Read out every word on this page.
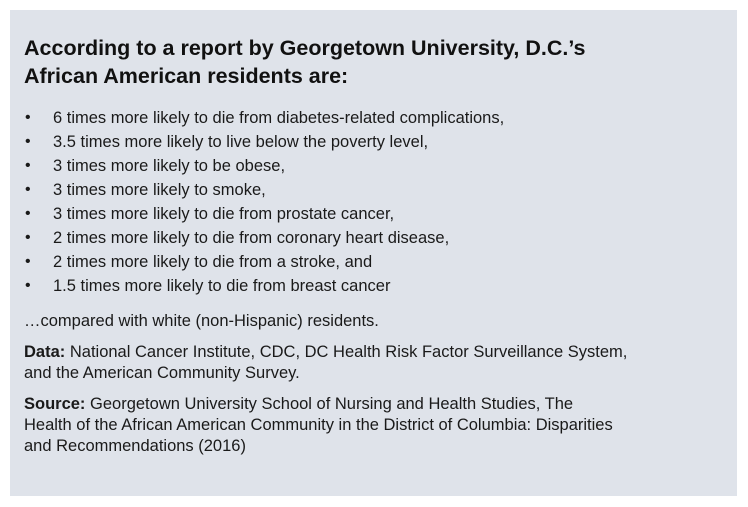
According to a report by Georgetown University, D.C.’s
African American residents are:
• 6 times more likely to die from diabetes-related complications,
• 3.5 times more likely to live below the poverty level,
• 3 times more likely to be obese,
• 3 times more likely to smoke,
• 3 times more likely to die from prostate cancer,
• 2 times more likely to die from coronary heart disease,
• 2 times more likely to die from a stroke, and
• 1.5 times more likely to die from breast cancer

…compared with white (non-Hispanic) residents.

Data: National Cancer Institute, CDC, DC Health Risk Factor Surveillance System,
and the American Community Survey.

Source: Georgetown University School of Nursing and Health Studies, The
Health of the African American Community in the District of Columbia: Disparities
and Recommendations (2016)
